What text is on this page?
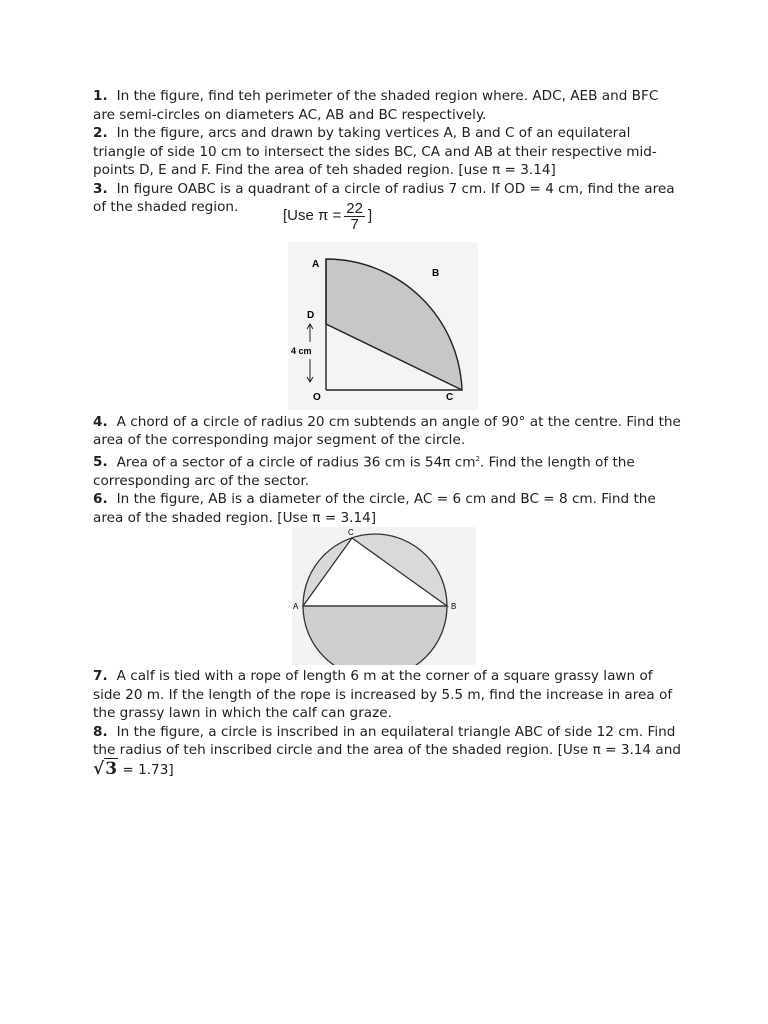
1. In the figure, find teh perimeter of the shaded region where. ADC, AEB and BFC are semi-circles on diameters AC, AB and BC respectively.

2. In the figure, arcs and drawn by taking vertices A, B and C of an equilateral triangle of side 10 cm to intersect the sides BC, CA and AB at their respective mid-points D, E and F. Find the area of teh shaded region. [use π = 3.14]

3. In figure OABC is a quadrant of a circle of radius 7 cm. If OD = 4 cm, find the area of the shaded region.	[Use $\pi = \frac{22}{7}$ ]
A
B
D
4 cm
O	C

4. A chord of a circle of radius 20 cm subtends an angle of 90° at the centre. Find the area of the corresponding major segment of the circle.

5. Area of a sector of a circle of radius 36 cm is 54π $cm^2$. Find the length of the corresponding arc of the sector.

6. In the figure, AB is a diameter of the circle, AC = 6 cm and BC = 8 cm. Find the area of the shaded region. [Use π = 3.14]

A	B
C

7. A calf is tied with a rope of length 6 m at the corner of a square grassy lawn of side 20 m. If the length of the rope is increased by 5.5 m, find the increase in area of the grassy lawn in which the calf can graze.

8. In the figure, a circle is inscribed in an equilateral triangle ABC of side 12 cm. Find the radius of teh inscribed circle and the area of the shaded region. [Use π = 3.14 and √3 = 1.73]
